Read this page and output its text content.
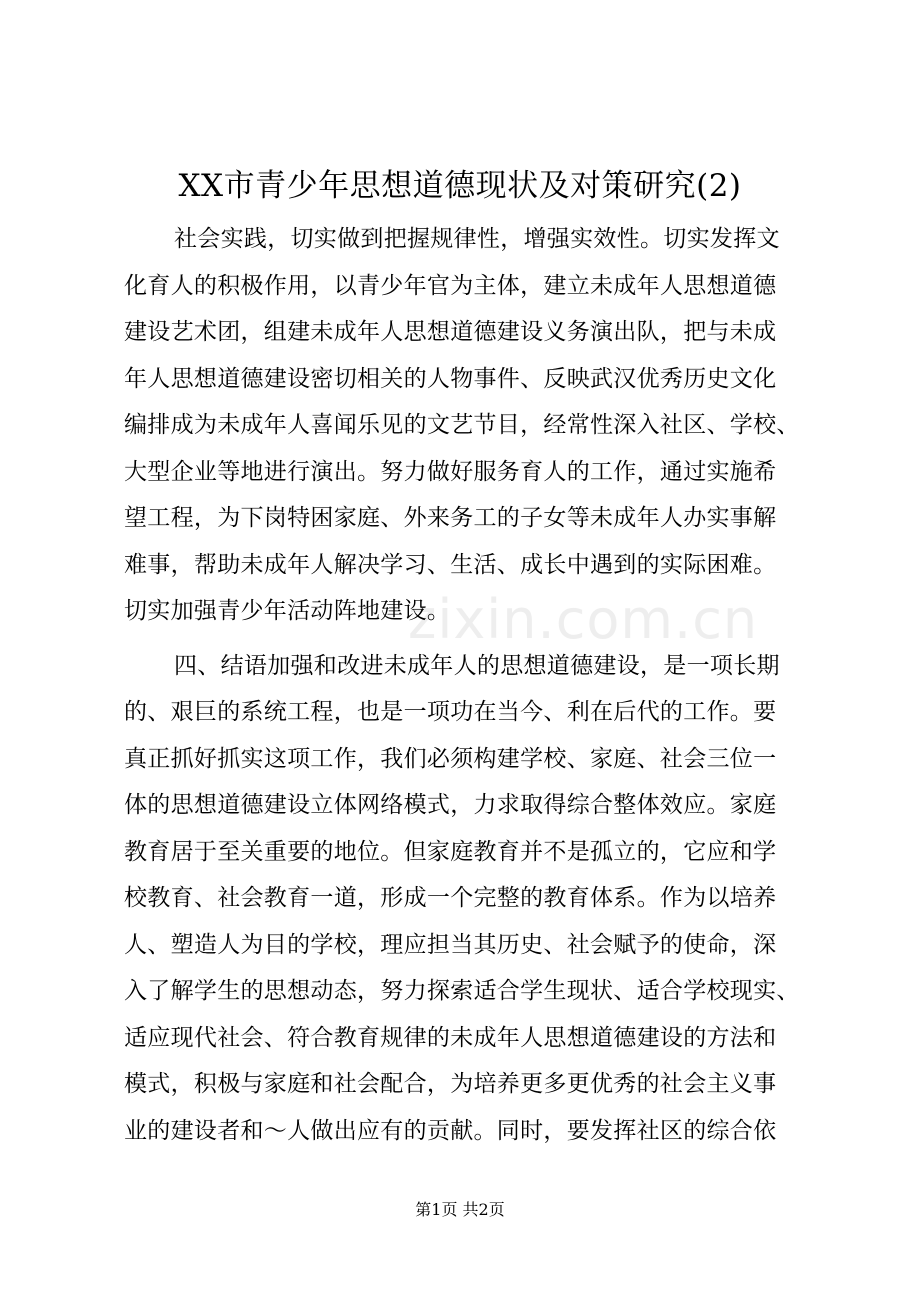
XX市青少年思想道德现状及对策研究(2)
zixin.com.cn
社会实践，切实做到把握规律性，增强实效性。切实发挥文
化育人的积极作用，以青少年官为主体，建立未成年人思想道德
建设艺术团，组建未成年人思想道德建设义务演出队，把与未成
年人思想道德建设密切相关的人物事件、反映武汉优秀历史文化
编排成为未成年人喜闻乐见的文艺节目，经常性深入社区、学校、
大型企业等地进行演出。努力做好服务育人的工作，通过实施希
望工程，为下岗特困家庭、外来务工的子女等未成年人办实事解
难事，帮助未成年人解决学习、生活、成长中遇到的实际困难。
切实加强青少年活动阵地建设。
四、结语加强和改进未成年人的思想道德建设，是一项长期
的、艰巨的系统工程，也是一项功在当今、利在后代的工作。要
真正抓好抓实这项工作，我们必须构建学校、家庭、社会三位一
体的思想道德建设立体网络模式，力求取得综合整体效应。家庭
教育居于至关重要的地位。但家庭教育并不是孤立的，它应和学
校教育、社会教育一道，形成一个完整的教育体系。作为以培养
人、塑造人为目的学校，理应担当其历史、社会赋予的使命，深
入了解学生的思想动态，努力探索适合学生现状、适合学校现实、
适应现代社会、符合教育规律的未成年人思想道德建设的方法和
模式，积极与家庭和社会配合，为培养更多更优秀的社会主义事
业的建设者和～人做出应有的贡献。同时，要发挥社区的综合依
第1页 共2页
